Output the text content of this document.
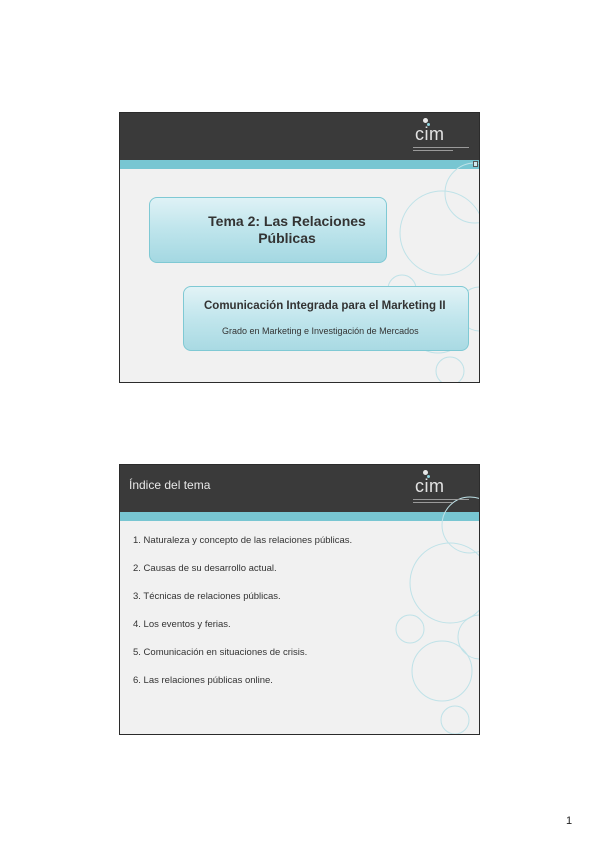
cim
Tema 2: Las Relaciones
Públicas
Comunicación Integrada para el Marketing II
Grado en Marketing e Investigación de Mercados
Índice del tema	cim
1. Naturaleza y concepto de las relaciones públicas.
2. Causas de su desarrollo actual.
3. Técnicas de relaciones públicas.
4. Los eventos y ferias.
5. Comunicación en situaciones de crisis.
6. Las relaciones públicas online.
1
